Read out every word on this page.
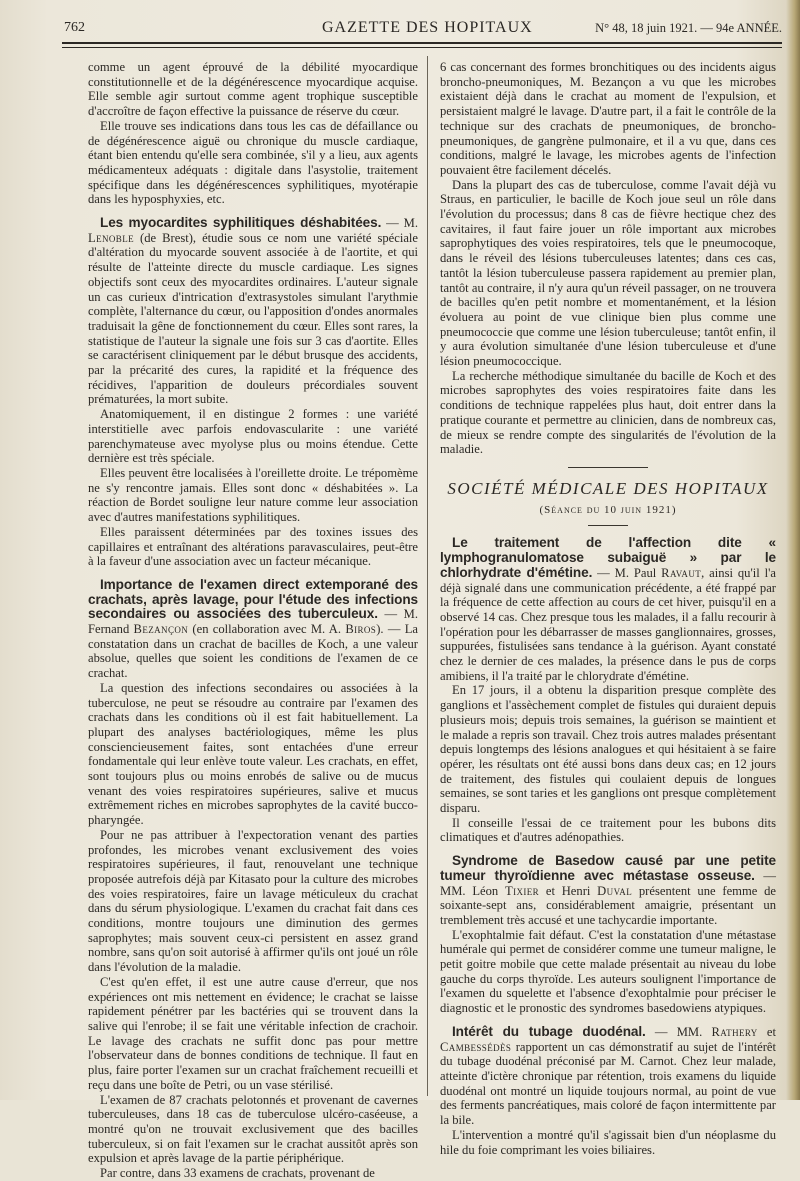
762	GAZETTE DES HOPITAUX	N° 48, 18 juin 1921. — 94e ANNÉE.

comme un agent éprouvé de la débilité myocardique constitutionnelle et de la dégénérescence myocardique acquise. Elle semble agir surtout comme agent trophique susceptible d'accroître de façon effective la puissance de réserve du cœur.

Elle trouve ses indications dans tous les cas de défaillance ou de dégénérescence aiguë ou chronique du muscle cardiaque, étant bien entendu qu'elle sera combinée, s'il y a lieu, aux agents médicamenteux adéquats : digitale dans l'asystolie, traitement spécifique dans les dégénérescences syphilitiques, myotérapie dans les hyposphyxies, etc.

Les myocardites syphilitiques déshabitées. — M. Lenoble (de Brest), étudie sous ce nom une variété spéciale d'altération du myocarde souvent associée à de l'aortite, et qui résulte de l'atteinte directe du muscle cardiaque. Les signes objectifs sont ceux des myocardites ordinaires. L'auteur signale un cas curieux d'intrication d'extrasystoles simulant l'arythmie complète, l'alternance du cœur, ou l'apposition d'ondes anormales traduisait la gêne de fonctionnement du cœur. Elles sont rares, la statistique de l'auteur la signale une fois sur 3 cas d'aortite. Elles se caractérisent cliniquement par le début brusque des accidents, par la précarité des cures, la rapidité et la fréquence des récidives, l'apparition de douleurs précordiales souvent prématurées, la mort subite.

Anatomiquement, il en distingue 2 formes : une variété interstitielle avec parfois endovascularite : une variété parenchymateuse avec myolyse plus ou moins étendue. Cette dernière est très spéciale.

Elles peuvent être localisées à l'oreillette droite. Le trépomème ne s'y rencontre jamais. Elles sont donc « déshabitées ». La réaction de Bordet souligne leur nature comme leur association avec d'autres manifestations syphilitiques.

Elles paraissent déterminées par des toxines issues des capillaires et entraînant des altérations paravasculaires, peut-être à la faveur d'une association avec un facteur mécanique.

Importance de l'examen direct extemporané des crachats, après lavage, pour l'étude des infections secondaires ou associées des tuberculeux. — M. Fernand Bezançon (en collaboration avec M. A. Biros). — La constatation dans un crachat de bacilles de Koch, a une valeur absolue, quelles que soient les conditions de l'examen de ce crachat.

La question des infections secondaires ou associées à la tuberculose, ne peut se résoudre au contraire par l'examen des crachats dans les conditions où il est fait habituellement. La plupart des analyses bactériologiques, même les plus consciencieusement faites, sont entachées d'une erreur fondamentale qui leur enlève toute valeur. Les crachats, en effet, sont toujours plus ou moins enrobés de salive ou de mucus venant des voies respiratoires supérieures, salive et mucus extrêmement riches en microbes saprophytes de la cavité bucco-pharyngée.

Pour ne pas attribuer à l'expectoration venant des parties profondes, les microbes venant exclusivement des voies respiratoires supérieures, il faut, renouvelant une technique proposée autrefois déjà par Kitasato pour la culture des microbes des voies respiratoires, faire un lavage méticuleux du crachat dans du sérum physiologique. L'examen du crachat fait dans ces conditions, montre toujours une diminution des germes saprophytes; mais souvent ceux-ci persistent en assez grand nombre, sans qu'on soit autorisé à affirmer qu'ils ont joué un rôle dans l'évolution de la maladie.

C'est qu'en effet, il est une autre cause d'erreur, que nos expériences ont mis nettement en évidence; le crachat se laisse rapidement pénétrer par les bactéries qui se trouvent dans la salive qui l'enrobe; il se fait une véritable infection de crachoir. Le lavage des crachats ne suffit donc pas pour mettre l'observateur dans de bonnes conditions de technique. Il faut en plus, faire porter l'examen sur un crachat fraîchement recueilli et reçu dans une boîte de Petri, ou un vase stérilisé.

L'examen de 87 crachats pelotonnés et provenant de cavernes tuberculeuses, dans 18 cas de tuberculose ulcéro-caséeuse, a montré qu'on ne trouvait exclusivement que des bacilles tuberculeux, si on fait l'examen sur le crachat aussitôt après son expulsion et après lavage de la partie périphérique.

Par contre, dans 33 examens de crachats, provenant de

6 cas concernant des formes bronchitiques ou des incidents aigus broncho-pneumoniques, M. Bezançon a vu que les microbes existaient déjà dans le crachat au moment de l'expulsion, et persistaient malgré le lavage. D'autre part, il a fait le contrôle de la technique sur des crachats de pneumoniques, de broncho-pneumoniques, de gangrène pulmonaire, et il a vu que, dans ces conditions, malgré le lavage, les microbes agents de l'infection pouvaient être facilement décelés.

Dans la plupart des cas de tuberculose, comme l'avait déjà vu Straus, en particulier, le bacille de Koch joue seul un rôle dans l'évolution du processus; dans 8 cas de fièvre hectique chez des cavitaires, il faut faire jouer un rôle important aux microbes saprophytiques des voies respiratoires, tels que le pneumocoque, dans le réveil des lésions tuberculeuses latentes; dans ces cas, tantôt la lésion tuberculeuse passera rapidement au premier plan, tantôt au contraire, il n'y aura qu'un réveil passager, on ne trouvera de bacilles qu'en petit nombre et momentanément, et la lésion évoluera au point de vue clinique bien plus comme une pneumococcie que comme une lésion tuberculeuse; tantôt enfin, il y aura évolution simultanée d'une lésion tuberculeuse et d'une lésion pneumococcique.

La recherche méthodique simultanée du bacille de Koch et des microbes saprophytes des voies respiratoires faite dans les conditions de technique rappelées plus haut, doit entrer dans la pratique courante et permettre au clinicien, dans de nombreux cas, de mieux se rendre compte des singularités de l'évolution de la maladie.

SOCIÉTÉ MÉDICALE DES HOPITAUX
(Séance du 10 juin 1921)

Le traitement de l'affection dite « lymphogranulomatose subaiguë » par le chlorhydrate d'émétine. — M. Paul Ravaut, ainsi qu'il l'a déjà signalé dans une communication précédente, a été frappé par la fréquence de cette affection au cours de cet hiver, puisqu'il en a observé 14 cas. Chez presque tous les malades, il a fallu recourir à l'opération pour les débarrasser de masses ganglionnaires, grosses, suppurées, fistulisées sans tendance à la guérison. Ayant constaté chez le dernier de ces malades, la présence dans le pus de corps amibiens, il l'a traité par le chlorydrate d'émétine.

En 17 jours, il a obtenu la disparition presque complète des ganglions et l'assèchement complet de fistules qui duraient depuis plusieurs mois; depuis trois semaines, la guérison se maintient et le malade a repris son travail. Chez trois autres malades présentant depuis longtemps des lésions analogues et qui hésitaient à se faire opérer, les résultats ont été aussi bons dans deux cas; en 12 jours de traitement, des fistules qui coulaient depuis de longues semaines, se sont taries et les ganglions ont presque complètement disparu.

Il conseille l'essai de ce traitement pour les bubons dits climatiques et d'autres adénopathies.

Syndrome de Basedow causé par une petite tumeur thyroïdienne avec métastase osseuse. — MM. Léon Tixier et Henri Duval présentent une femme de soixante-sept ans, considérablement amaigrie, présentant un tremblement très accusé et une tachycardie importante.

L'exophtalmie fait défaut. C'est la constatation d'une métastase humérale qui permet de considérer comme une tumeur maligne, le petit goitre mobile que cette malade présentait au niveau du lobe gauche du corps thyroïde. Les auteurs soulignent l'importance de l'examen du squelette et l'absence d'exophtalmie pour préciser le diagnostic et le pronostic des syndromes basedowiens atypiques.

Intérêt du tubage duodénal. — MM. Rathery et Cambessédès rapportent un cas démonstratif au sujet de l'intérêt du tubage duodénal préconisé par M. Carnot. Chez leur malade, atteinte d'ictère chronique par rétention, trois examens du liquide duodénal ont montré un liquide toujours normal, au point de vue des ferments pancréatiques, mais coloré de façon intermittente par la bile.

L'intervention a montré qu'il s'agissait bien d'un néoplasme du hile du foie comprimant les voies biliaires.
